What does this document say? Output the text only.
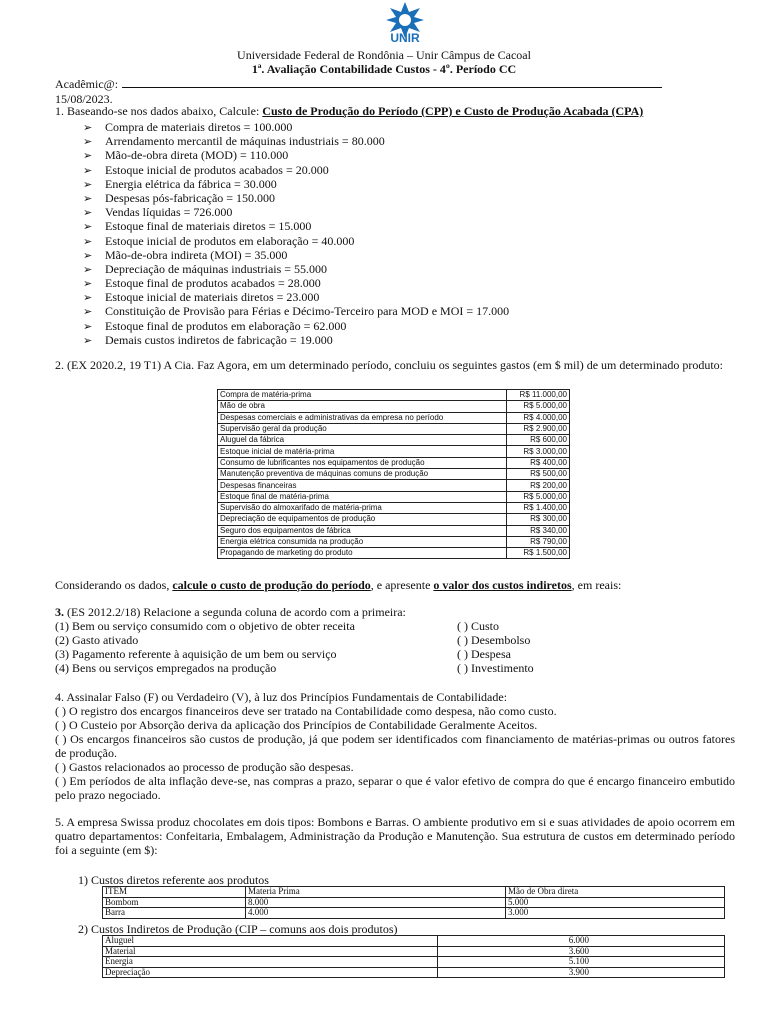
UNIR
Universidade Federal de Rondônia – Unir Câmpus de Cacoal
1ª. Avaliação Contabilidade Custos - 4º. Período CC
Acadêmic@:15/08/2023.
1. Baseando-se nos dados abaixo, Calcule: Custo de Produção do Período (CPP) e Custo de Produção Acabada (CPA)
➢ Compra de materiais diretos = 100.000
➢ Arrendamento mercantil de máquinas industriais = 80.000
➢ Mão-de-obra direta (MOD) = 110.000
➢ Estoque inicial de produtos acabados = 20.000
➢ Energia elétrica da fábrica = 30.000
➢ Despesas pós-fabricação = 150.000
➢ Vendas líquidas = 726.000
➢ Estoque final de materiais diretos = 15.000
➢ Estoque inicial de produtos em elaboração = 40.000
➢ Mão-de-obra indireta (MOI) = 35.000
➢ Depreciação de máquinas industriais = 55.000
➢ Estoque final de produtos acabados = 28.000
➢ Estoque inicial de materiais diretos = 23.000
➢ Constituição de Provisão para Férias e Décimo-Terceiro para MOD e MOI = 17.000
➢ Estoque final de produtos em elaboração = 62.000
➢ Demais custos indiretos de fabricação = 19.000
2. (EX 2020.2, 19 T1) A Cia. Faz Agora, em um determinado período, concluiu os seguintes gastos (em $ mil) de um determinado produto:
Compra de matéria-prima	R$ 11.000,00
Mão de obra	R$ 5.000,00
Despesas comerciais e administrativas da empresa no período	R$ 4.000,00
Supervisão geral da produção	R$ 2.900,00
Aluguel da fábrica	R$ 600,00
Estoque inicial de matéria-prima	R$ 3.000,00
Consumo de lubrificantes nos equipamentos de produção	R$ 400,00
Manutenção preventiva de máquinas comuns de produção	R$ 500,00
Despesas financeiras	R$ 200,00
Estoque final de matéria-prima	R$ 5.000,00
Supervisão do almoxarifado de matéria-prima	R$ 1.400,00
Depreciação de equipamentos de produção	R$ 300,00
Seguro dos equipamentos de fábrica	R$ 340,00
Energia elétrica consumida na produção	R$ 790,00
Propagando de marketing do produto	R$ 1.500,00
Considerando os dados, calcule o custo de produção do período, e apresente o valor dos custos indiretos, em reais:
3. (ES 2012.2/18) Relacione a segunda coluna de acordo com a primeira:
(1) Bem ou serviço consumido com o objetivo de obter receita	( ) Custo
(2) Gasto ativado	( ) Desembolso
(3) Pagamento referente à aquisição de um bem ou serviço	( ) Despesa
(4) Bens ou serviços empregados na produção	( ) Investimento
4. Assinalar Falso (F) ou Verdadeiro (V), à luz dos Princípios Fundamentais de Contabilidade:
( ) O registro dos encargos financeiros deve ser tratado na Contabilidade como despesa, não como custo.
( ) O Custeio por Absorção deriva da aplicação dos Princípios de Contabilidade Geralmente Aceitos.
( ) Os encargos financeiros são custos de produção, já que podem ser identificados com financiamento de matérias-primas ou outros fatores de produção.
( ) Gastos relacionados ao processo de produção são despesas.
( ) Em períodos de alta inflação deve-se, nas compras a prazo, separar o que é valor efetivo de compra do que é encargo financeiro embutido pelo prazo negociado.
5. A empresa Swissa produz chocolates em dois tipos: Bombons e Barras. O ambiente produtivo em si e suas atividades de apoio ocorrem em quatro departamentos: Confeitaria, Embalagem, Administração da Produção e Manutenção. Sua estrutura de custos em determinado período foi a seguinte (em $):
1) Custos diretos referente aos produtos
ITEM	Materia Prima	Mão de Obra direta
Bombom	8.000	5.000
Barra	4.000	3.000
2) Custos Indiretos de Produção (CIP – comuns aos dois produtos)
Aluguel	6.000
Material	3.600
Energia	5.100
Depreciação	3.900
